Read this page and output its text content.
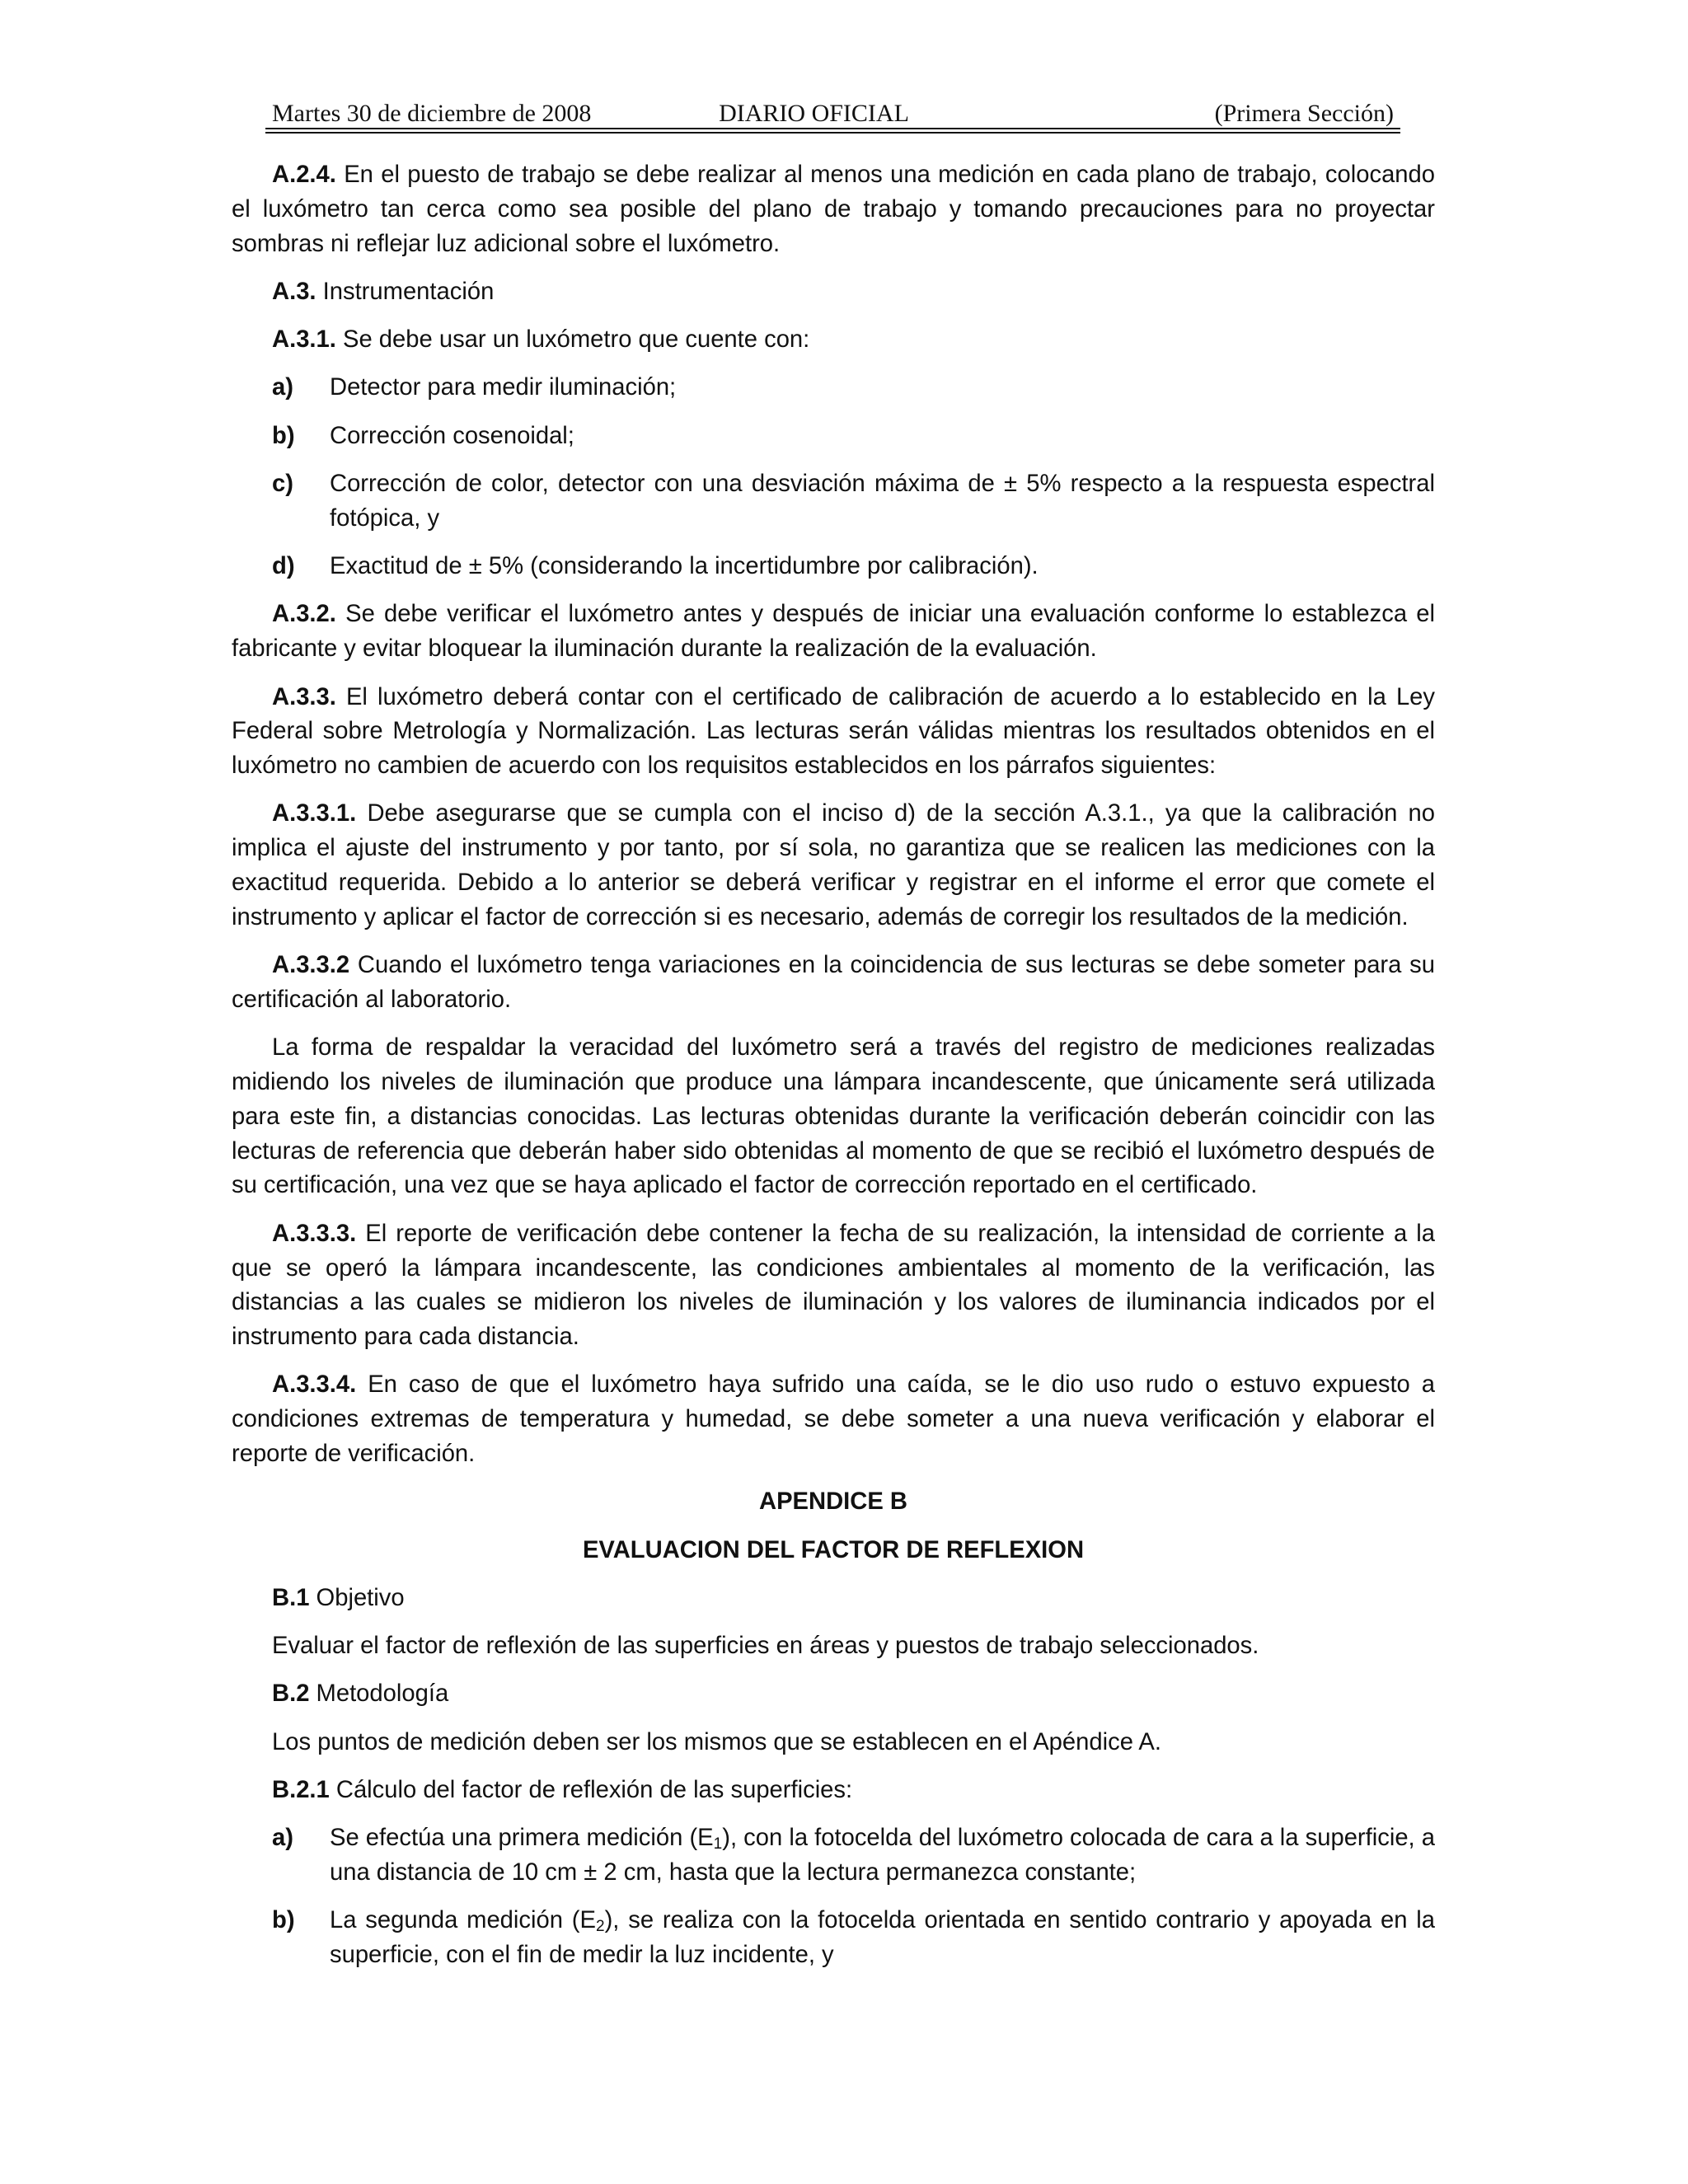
Martes 30 de diciembre de 2008	DIARIO OFICIAL	(Primera Sección)

A.2.4. En el puesto de trabajo se debe realizar al menos una medición en cada plano de trabajo, colocando el luxómetro tan cerca como sea posible del plano de trabajo y tomando precauciones para no proyectar sombras ni reflejar luz adicional sobre el luxómetro.

A.3. Instrumentación

A.3.1. Se debe usar un luxómetro que cuente con:

a) Detector para medir iluminación;
b) Corrección cosenoidal;
c) Corrección de color, detector con una desviación máxima de ± 5% respecto a la respuesta espectral fotópica, y
d) Exactitud de ± 5% (considerando la incertidumbre por calibración).

A.3.2. Se debe verificar el luxómetro antes y después de iniciar una evaluación conforme lo establezca el fabricante y evitar bloquear la iluminación durante la realización de la evaluación.

A.3.3. El luxómetro deberá contar con el certificado de calibración de acuerdo a lo establecido en la Ley Federal sobre Metrología y Normalización. Las lecturas serán válidas mientras los resultados obtenidos en el luxómetro no cambien de acuerdo con los requisitos establecidos en los párrafos siguientes:

A.3.3.1. Debe asegurarse que se cumpla con el inciso d) de la sección A.3.1., ya que la calibración no implica el ajuste del instrumento y por tanto, por sí sola, no garantiza que se realicen las mediciones con la exactitud requerida. Debido a lo anterior se deberá verificar y registrar en el informe el error que comete el instrumento y aplicar el factor de corrección si es necesario, además de corregir los resultados de la medición.

A.3.3.2 Cuando el luxómetro tenga variaciones en la coincidencia de sus lecturas se debe someter para su certificación al laboratorio.

La forma de respaldar la veracidad del luxómetro será a través del registro de mediciones realizadas midiendo los niveles de iluminación que produce una lámpara incandescente, que únicamente será utilizada para este fin, a distancias conocidas. Las lecturas obtenidas durante la verificación deberán coincidir con las lecturas de referencia que deberán haber sido obtenidas al momento de que se recibió el luxómetro después de su certificación, una vez que se haya aplicado el factor de corrección reportado en el certificado.

A.3.3.3. El reporte de verificación debe contener la fecha de su realización, la intensidad de corriente a la que se operó la lámpara incandescente, las condiciones ambientales al momento de la verificación, las distancias a las cuales se midieron los niveles de iluminación y los valores de iluminancia indicados por el instrumento para cada distancia.

A.3.3.4. En caso de que el luxómetro haya sufrido una caída, se le dio uso rudo o estuvo expuesto a condiciones extremas de temperatura y humedad, se debe someter a una nueva verificación y elaborar el reporte de verificación.

APENDICE B

EVALUACION DEL FACTOR DE REFLEXION

B.1 Objetivo

Evaluar el factor de reflexión de las superficies en áreas y puestos de trabajo seleccionados.

B.2 Metodología

Los puntos de medición deben ser los mismos que se establecen en el Apéndice A.

B.2.1 Cálculo del factor de reflexión de las superficies:

a) Se efectúa una primera medición $(E_1)$, con la fotocelda del luxómetro colocada de cara a la superficie, a una distancia de 10 cm ± 2 cm, hasta que la lectura permanezca constante;
b) La segunda medición $(E_2)$, se realiza con la fotocelda orientada en sentido contrario y apoyada en la superficie, con el fin de medir la luz incidente, y
